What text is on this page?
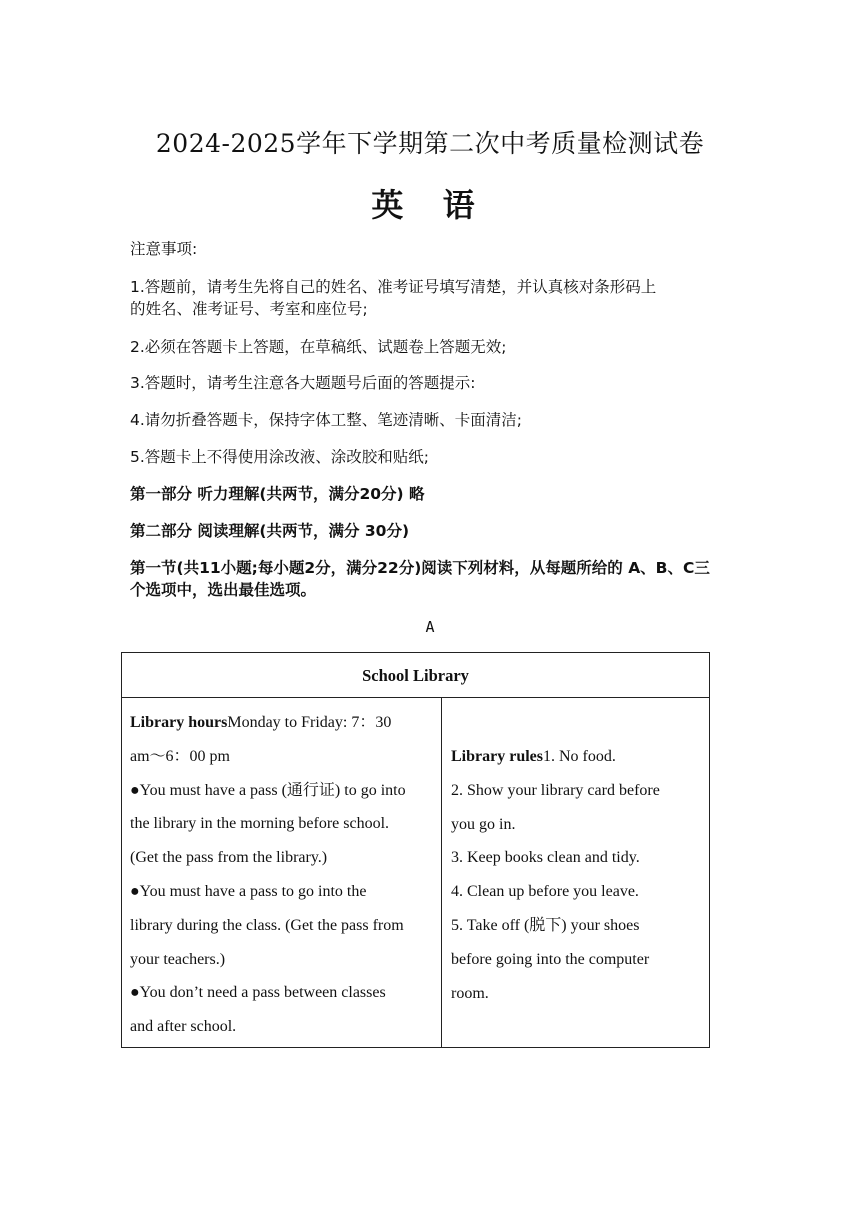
2024-2025学年下学期第二次中考质量检测试卷
英 语
注意事项:
1.答题前，请考生先将自己的姓名、准考证号填写清楚，并认真核对条形码上
的姓名、准考证号、考室和座位号;
2.必须在答题卡上答题，在草稿纸、试题卷上答题无效;
3.答题时，请考生注意各大题题号后面的答题提示:
4.请勿折叠答题卡，保持字体工整、笔迹清晰、卡面清洁;
5.答题卡上不得使用涂改液、涂改胶和贴纸;
第一部分 听力理解(共两节，满分20分) 略
第二部分 阅读理解(共两节，满分 30分)
第一节(共11小题;每小题2分，满分22分)阅读下列材料，从每题所给的 A、B、C三
个选项中，选出最佳选项。
A
School Library
Library hoursMonday to Friday: 7：30
am～6：00 pm
●You must have a pass (通行证) to go into
the library in the morning before school.
(Get the pass from the library.)
●You must have a pass to go into the
library during the class. (Get the pass from
your teachers.)
●You don’t need a pass between classes
and after school.
Library rules1. No food.
2. Show your library card before
you go in.
3. Keep books clean and tidy.
4. Clean up before you leave.
5. Take off (脱下) your shoes
before going into the computer
room.
